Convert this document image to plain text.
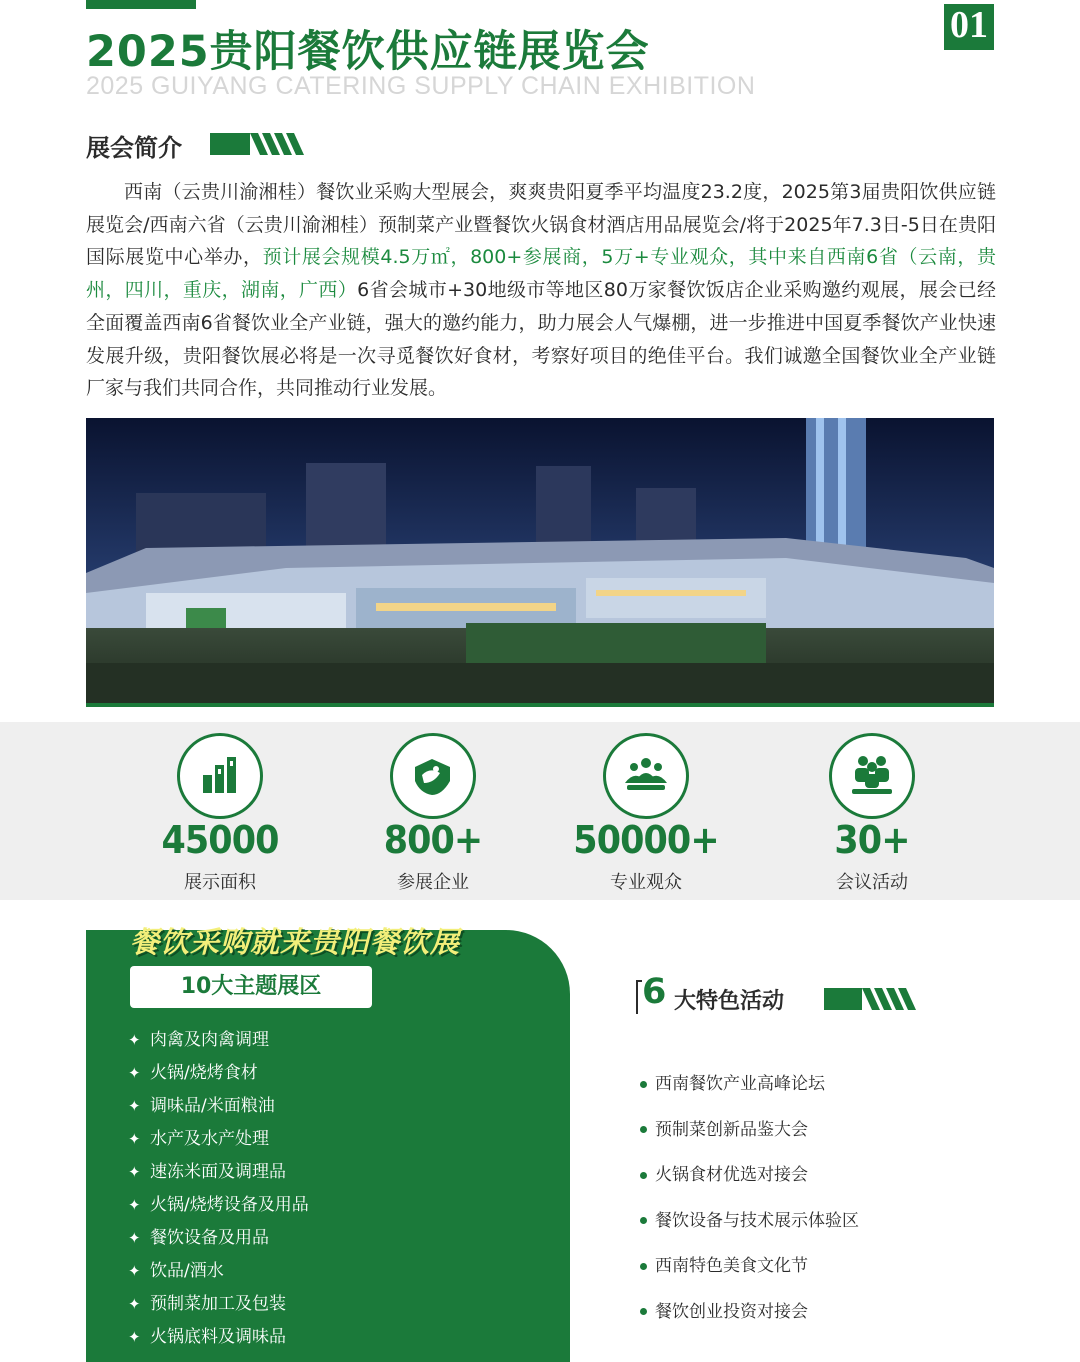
2025贵阳餐饮供应链展览会
2025 GUIYANG CATERING SUPPLY CHAIN EXHIBITION
01
展会简介

西南（云贵川渝湘桂）餐饮业采购大型展会，爽爽贵阳夏季平均温度23.2度，2025第3届贵阳饮供应链展览会/西南六省（云贵川渝湘桂）预制菜产业暨餐饮火锅食材酒店用品展览会/将于2025年7.3日-5日在贵阳国际展览中心举办，预计展会规模4.5万㎡，800+参展商，5万+专业观众，其中来自西南6省（云南，贵州，四川，重庆，湖南，广西）6省会城市+30地级市等地区80万家餐饮饭店企业采购邀约观展，展会已经全面覆盖西南6省餐饮业全产业链，强大的邀约能力，助力展会人气爆棚，进一步推进中国夏季餐饮产业快速发展升级，贵阳餐饮展必将是一次寻觅餐饮好食材，考察好项目的绝佳平台。我们诚邀全国餐饮业全产业链厂家与我们共同合作，共同推动行业发展。

45000
展示面积
800+
参展企业
50000+
专业观众
30+
会议活动
餐饮采购就来贵阳餐饮展
10大主题展区
✦ 肉禽及肉禽调理
✦ 火锅/烧烤食材
✦ 调味品/米面粮油
✦ 水产及水产处理
✦ 速冻米面及调理品
✦ 火锅/烧烤设备及用品
✦ 餐饮设备及用品
✦ 饮品/酒水
✦ 预制菜加工及包装
✦ 火锅底料及调味品
6 大特色活动
西南餐饮产业高峰论坛
预制菜创新品鉴大会
火锅食材优选对接会
餐饮设备与技术展示体验区
西南特色美食文化节
餐饮创业投资对接会
